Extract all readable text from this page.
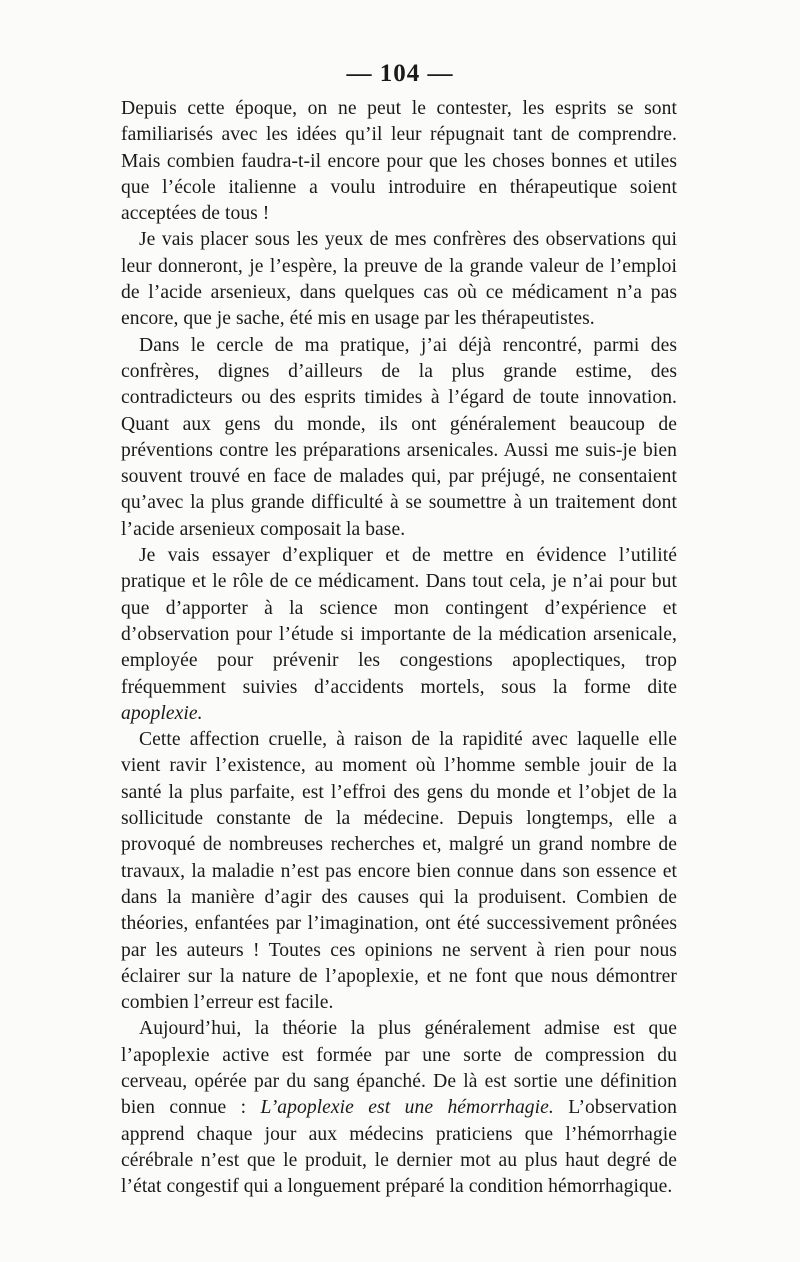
— 104 —

Depuis cette époque, on ne peut le contester, les esprits se sont familiarisés avec les idées qu’il leur répugnait tant de comprendre. Mais combien faudra-t-il encore pour que les choses bonnes et utiles que l’école italienne a voulu introduire en thérapeutique soient acceptées de tous !

Je vais placer sous les yeux de mes confrères des observations qui leur donneront, je l’espère, la preuve de la grande valeur de l’emploi de l’acide arsenieux, dans quelques cas où ce médicament n’a pas encore, que je sache, été mis en usage par les thérapeutistes.

Dans le cercle de ma pratique, j’ai déjà rencontré, parmi des confrères, dignes d’ailleurs de la plus grande estime, des contradicteurs ou des esprits timides à l’égard de toute innovation. Quant aux gens du monde, ils ont généralement beaucoup de préventions contre les préparations arsenicales. Aussi me suis-je bien souvent trouvé en face de malades qui, par préjugé, ne consentaient qu’avec la plus grande difficulté à se soumettre à un traitement dont l’acide arsenieux composait la base.

Je vais essayer d’expliquer et de mettre en évidence l’utilité pratique et le rôle de ce médicament. Dans tout cela, je n’ai pour but que d’apporter à la science mon contingent d’expérience et d’observation pour l’étude si importante de la médication arsenicale, employée pour prévenir les congestions apoplectiques, trop fréquemment suivies d’accidents mortels, sous la forme dite apoplexie.

Cette affection cruelle, à raison de la rapidité avec laquelle elle vient ravir l’existence, au moment où l’homme semble jouir de la santé la plus parfaite, est l’effroi des gens du monde et l’objet de la sollicitude constante de la médecine. Depuis longtemps, elle a provoqué de nombreuses recherches et, malgré un grand nombre de travaux, la maladie n’est pas encore bien connue dans son essence et dans la manière d’agir des causes qui la produisent. Combien de théories, enfantées par l’imagination, ont été successivement prônées par les auteurs ! Toutes ces opinions ne servent à rien pour nous éclairer sur la nature de l’apoplexie, et ne font que nous démontrer combien l’erreur est facile.

Aujourd’hui, la théorie la plus généralement admise est que l’apoplexie active est formée par une sorte de compression du cerveau, opérée par du sang épanché. De là est sortie une définition bien connue : L’apoplexie est une hémorrhagie. L’observation apprend chaque jour aux médecins praticiens que l’hémorrhagie cérébrale n’est que le produit, le dernier mot au plus haut degré de l’état congestif qui a longuement préparé la condition hémorrhagique.
